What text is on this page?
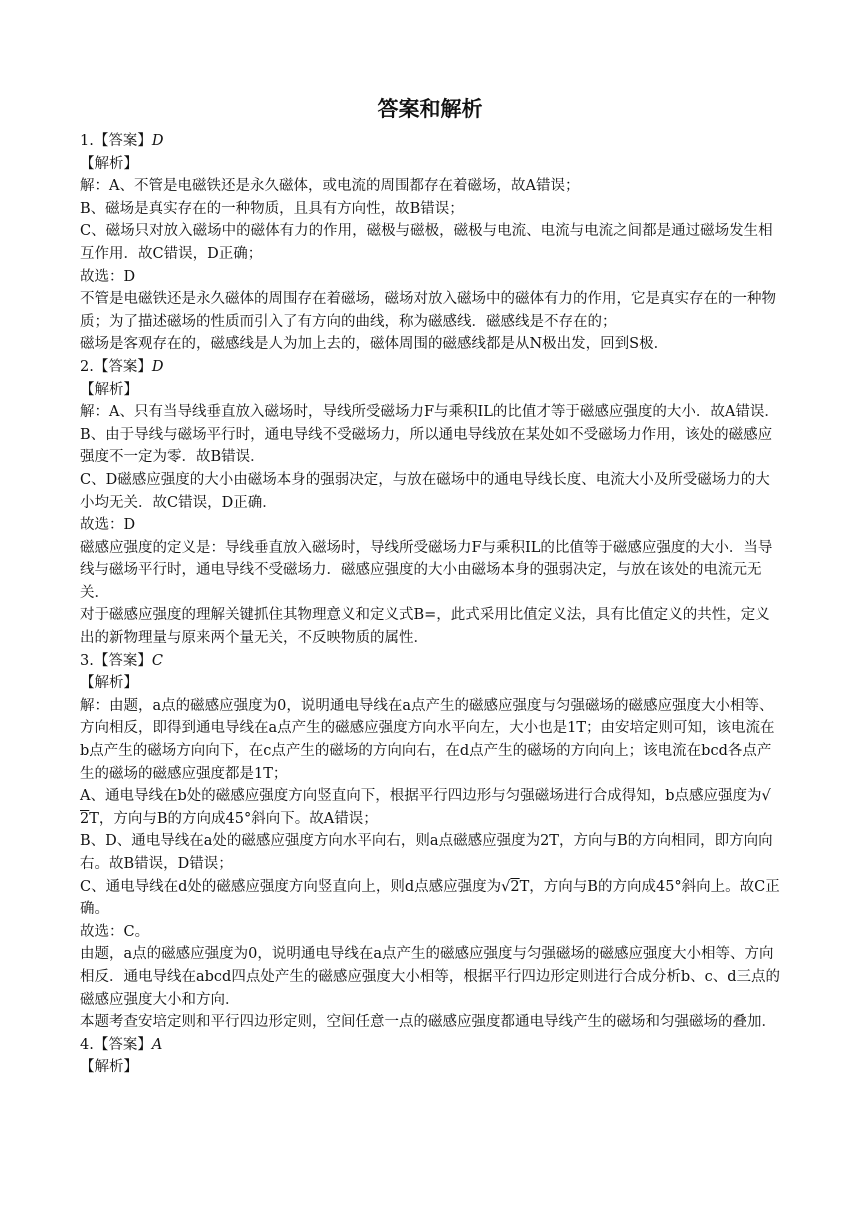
答案和解析
1.【答案】D
【解析】
解：A、不管是电磁铁还是永久磁体，或电流的周围都存在着磁场，故A错误；
B、磁场是真实存在的一种物质，且具有方向性，故B错误；
C、磁场只对放入磁场中的磁体有力的作用，磁极与磁极，磁极与电流、电流与电流之间都是通过磁场发生相互作用．故C错误，D正确；
故选：D
不管是电磁铁还是永久磁体的周围存在着磁场，磁场对放入磁场中的磁体有力的作用，它是真实存在的一种物质；为了描述磁场的性质而引入了有方向的曲线，称为磁感线．磁感线是不存在的；
磁场是客观存在的，磁感线是人为加上去的，磁体周围的磁感线都是从N极出发，回到S极．
2.【答案】D
【解析】
解：A、只有当导线垂直放入磁场时，导线所受磁场力F与乘积IL的比值才等于磁感应强度的大小．故A错误．
B、由于导线与磁场平行时，通电导线不受磁场力，所以通电导线放在某处如不受磁场力作用，该处的磁感应强度不一定为零．故B错误．
C、D磁感应强度的大小由磁场本身的强弱决定，与放在磁场中的通电导线长度、电流大小及所受磁场力的大小均无关．故C错误，D正确．
故选：D
磁感应强度的定义是：导线垂直放入磁场时，导线所受磁场力F与乘积IL的比值等于磁感应强度的大小．当导线与磁场平行时，通电导线不受磁场力．磁感应强度的大小由磁场本身的强弱决定，与放在该处的电流元无关．
对于磁感应强度的理解关键抓住其物理意义和定义式B=，此式采用比值定义法，具有比值定义的共性，定义出的新物理量与原来两个量无关，不反映物质的属性．
3.【答案】C
【解析】
解：由题，a点的磁感应强度为0，说明通电导线在a点产生的磁感应强度与匀强磁场的磁感应强度大小相等、方向相反，即得到通电导线在a点产生的磁感应强度方向水平向左，大小也是1T；由安培定则可知，该电流在b点产生的磁场方向向下，在c点产生的磁场的方向向右，在d点产生的磁场的方向向上；该电流在bcd各点产生的磁场的磁感应强度都是1T；
A、通电导线在b处的磁感应强度方向竖直向下，根据平行四边形与匀强磁场进行合成得知，b点感应强度为√2T，方向与B的方向成45°斜向下。故A错误；
B、D、通电导线在a处的磁感应强度方向水平向右，则a点磁感应强度为2T，方向与B的方向相同，即方向向右。故B错误，D错误；
C、通电导线在d处的磁感应强度方向竖直向上，则d点感应强度为√2T，方向与B的方向成45°斜向上。故C正确。
故选：C。
由题，a点的磁感应强度为0，说明通电导线在a点产生的磁感应强度与匀强磁场的磁感应强度大小相等、方向相反．通电导线在abcd四点处产生的磁感应强度大小相等，根据平行四边形定则进行合成分析b、c、d三点的磁感应强度大小和方向．
本题考查安培定则和平行四边形定则，空间任意一点的磁感应强度都通电导线产生的磁场和匀强磁场的叠加．
4.【答案】A
【解析】
